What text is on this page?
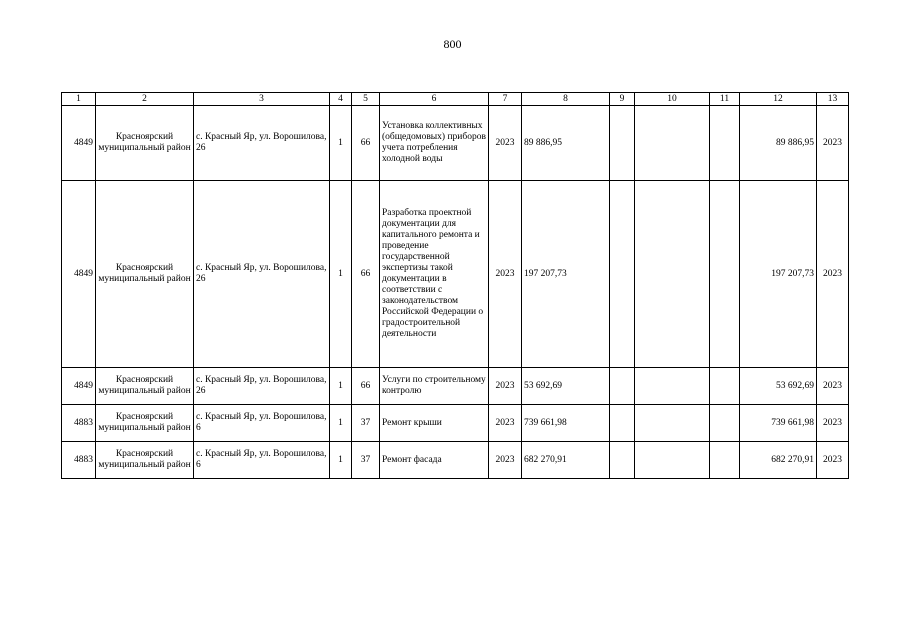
800
1	2	3	4	5	6	7	8	9	10	11	12	13
4849	Красноярский муниципальный район	с. Красный Яр, ул. Ворошилова, 26	1	66	Установка коллективных (общедомовых) приборов учета потребления холодной воды	2023	89 886,95				89 886,95	2023
4849	Красноярский муниципальный район	с. Красный Яр, ул. Ворошилова, 26	1	66	Разработка проектной документации для капитального ремонта и проведение государственной экспертизы такой документации в соответствии с законодательством Российской Федерации о градостроительной деятельности	2023	197 207,73				197 207,73	2023
4849	Красноярский муниципальный район	с. Красный Яр, ул. Ворошилова, 26	1	66	Услуги по строительному контролю	2023	53 692,69				53 692,69	2023
4883	Красноярский муниципальный район	с. Красный Яр, ул. Ворошилова, 6	1	37	Ремонт крыши	2023	739 661,98				739 661,98	2023
4883	Красноярский муниципальный район	с. Красный Яр, ул. Ворошилова, 6	1	37	Ремонт фасада	2023	682 270,91				682 270,91	2023
